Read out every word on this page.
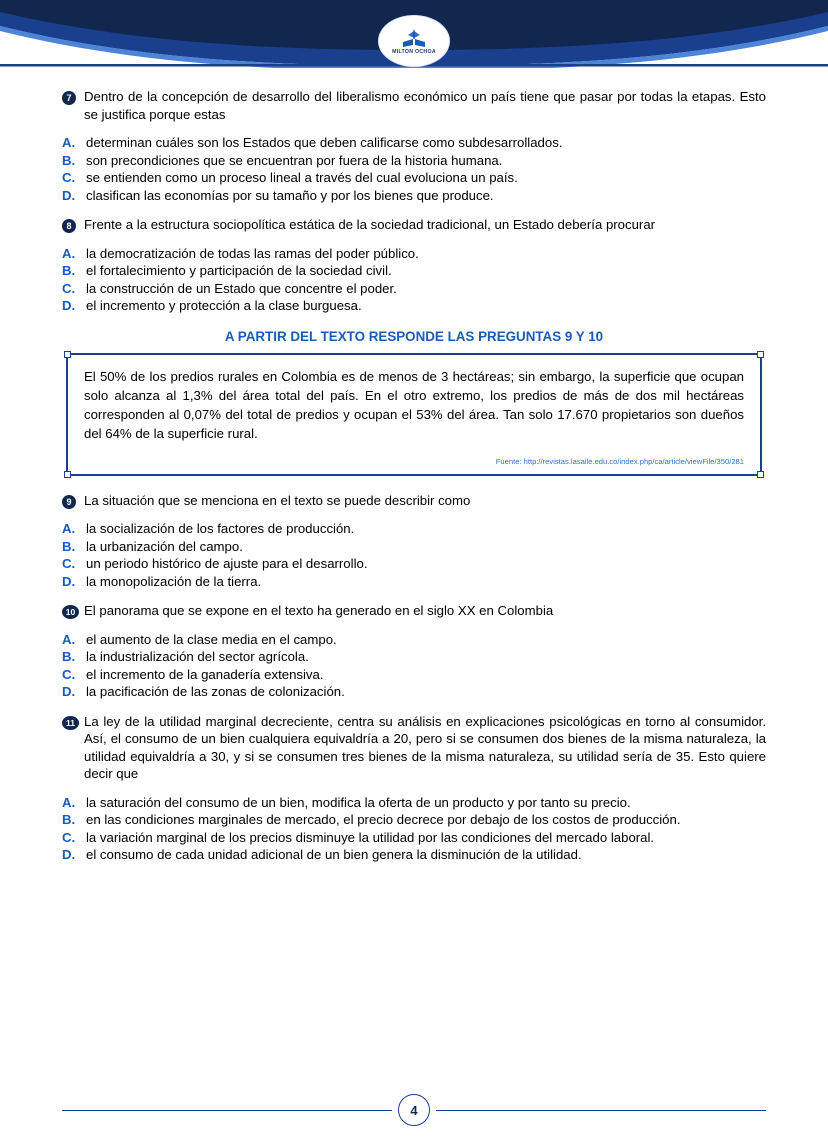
MILTON OCHOA
7 Dentro de la concepción de desarrollo del liberalismo económico un país tiene que pasar por todas la etapas. Esto se justifica porque estas
A. determinan cuáles son los Estados que deben calificarse como subdesarrollados.
B. son precondiciones que se encuentran por fuera de la historia humana.
C. se entienden como un proceso lineal a través del cual evoluciona un país.
D. clasifican las economías por su tamaño y por los bienes que produce.
8 Frente a la estructura sociopolítica estática de la sociedad tradicional, un Estado debería procurar
A. la democratización de todas las ramas del poder público.
B. el fortalecimiento y participación de la sociedad civil.
C. la construcción de un Estado que concentre el poder.
D. el incremento y protección a la clase burguesa.
A PARTIR DEL TEXTO RESPONDE LAS PREGUNTAS 9 Y 10

El 50% de los predios rurales en Colombia es de menos de 3 hectáreas; sin embargo, la superficie que ocupan solo alcanza al 1,3% del área total del país. En el otro extremo, los predios de más de dos mil hectáreas corresponden al 0,07% del total de predios y ocupan el 53% del área. Tan solo 17.670 propietarios son dueños del 64% de la superficie rural.

Fuente: http://revistas.lasalle.edu.co/index.php/ca/article/viewFile/350/281
9 La situación que se menciona en el texto se puede describir como
A. la socialización de los factores de producción.
B. la urbanización del campo.
C. un periodo histórico de ajuste para el desarrollo.
D. la monopolización de la tierra.
10 El panorama que se expone en el texto ha generado en el siglo XX en Colombia
A. el aumento de la clase media en el campo.
B. la industrialización del sector agrícola.
C. el incremento de la ganadería extensiva.
D. la pacificación de las zonas de colonización.
11 La ley de la utilidad marginal decreciente, centra su análisis en explicaciones psicológicas en torno al consumidor. Así, el consumo de un bien cualquiera equivaldría a 20, pero si se consumen dos bienes de la misma naturaleza, la utilidad equivaldría a 30, y si se consumen tres bienes de la misma naturaleza, su utilidad sería de 35. Esto quiere decir que
A. la saturación del consumo de un bien, modifica la oferta de un producto y por tanto su precio.
B. en las condiciones marginales de mercado, el precio decrece por debajo de los costos de producción.
C. la variación marginal de los precios disminuye la utilidad por las condiciones del mercado laboral.
D. el consumo de cada unidad adicional de un bien genera la disminución de la utilidad.
4
